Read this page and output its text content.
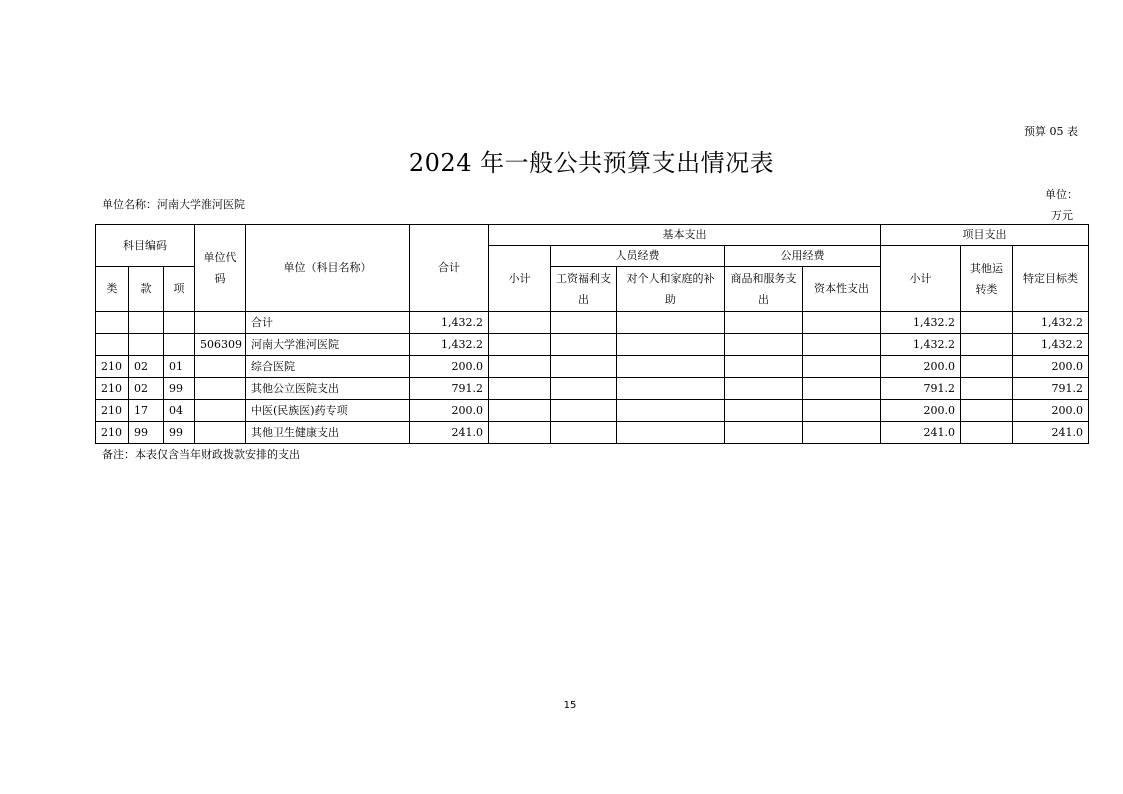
预算 05 表
2024 年一般公共预算支出情况表
单位名称：河南大学淮河医院
单位：
万元
科目编码			单位代码	单位（科目名称）	合计	基本支出					项目支出		
						小计	人员经费		公用经费		小计	其他运转类	特定目标类
类	款	项					工资福利支出	对个人和家庭的补助	商品和服务支出	资本性支出			
				合计	1,432.2						1,432.2		1,432.2
			506309	河南大学淮河医院	1,432.2						1,432.2		1,432.2
210	02	01		综合医院	200.0						200.0		200.0
210	02	99		其他公立医院支出	791.2						791.2		791.2
210	17	04		中医(民族医)药专项	200.0						200.0		200.0
210	99	99		其他卫生健康支出	241.0						241.0		241.0
备注：本表仅含当年财政拨款安排的支出
15
